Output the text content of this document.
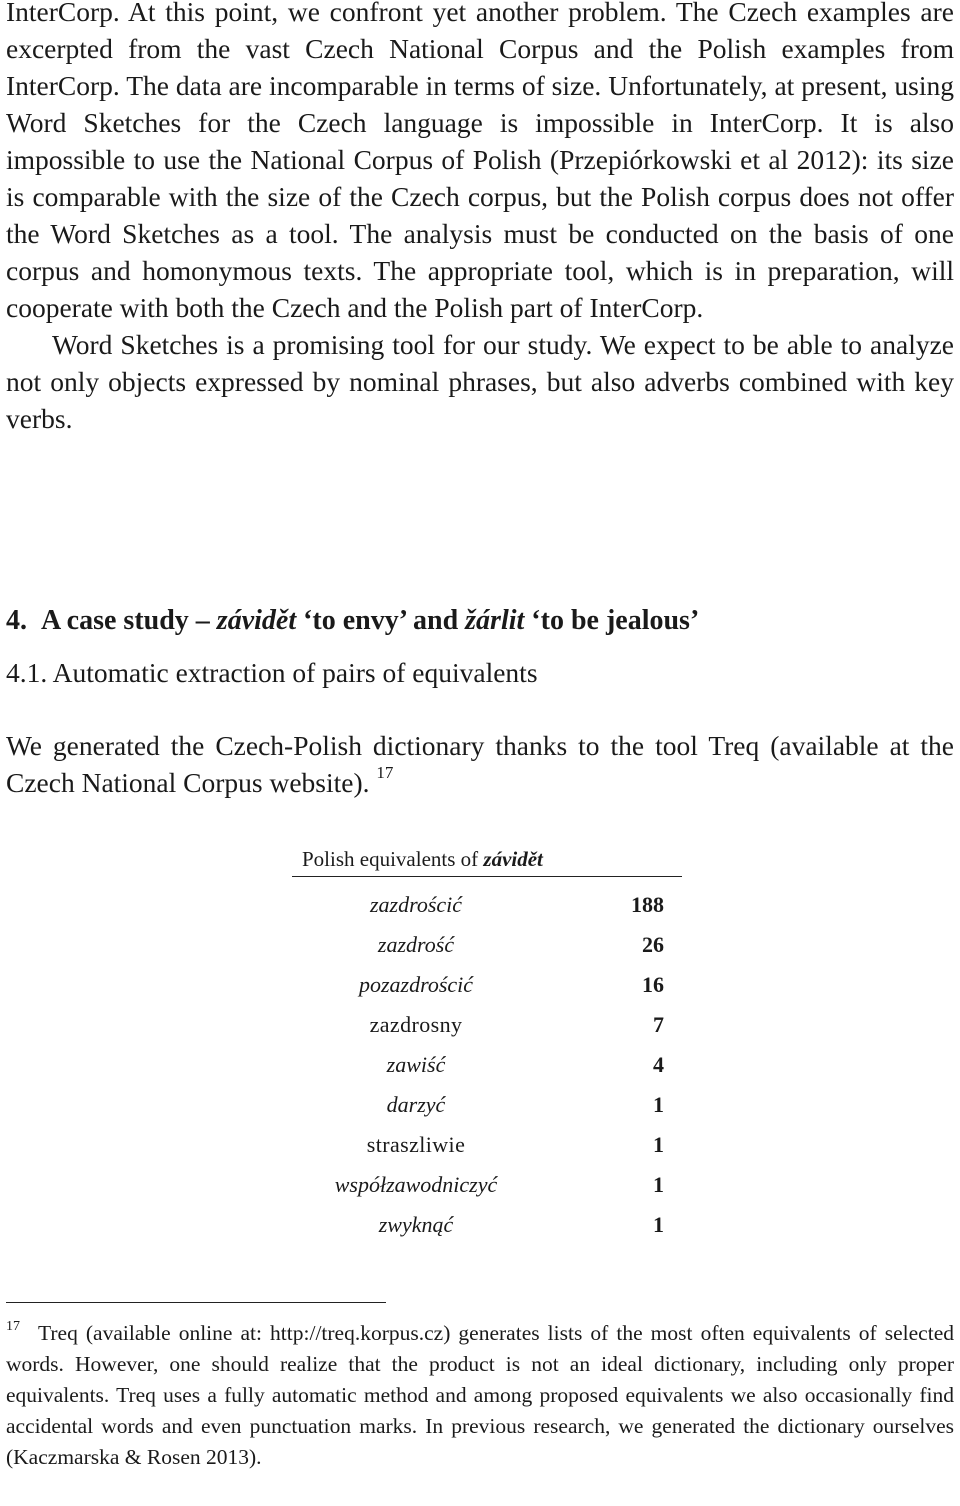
InterCorp. At this point, we confront yet another problem. The Czech examples are excerpted from the vast Czech National Corpus and the Polish examples from InterCorp. The data are incomparable in terms of size. Unfortunately, at present, using Word Sketches for the Czech language is impossible in InterCorp. It is also impossible to use the National Corpus of Polish (Przepiórkowski et al 2012): its size is comparable with the size of the Czech corpus, but the Polish corpus does not offer the Word Sketches as a tool. The analysis must be conducted on the basis of one corpus and homonymous texts. The appropriate tool, which is in preparation, will cooperate with both the Czech and the Polish part of InterCorp.

Word Sketches is a promising tool for our study. We expect to be able to analyze not only objects expressed by nominal phrases, but also adverbs combined with key verbs.

4. A case study – závidět ‘to envy’ and žárlit ‘to be jealous’
4.1. Automatic extraction of pairs of equivalents

We generated the Czech-Polish dictionary thanks to the tool Treq (available at the Czech National Corpus website). $^{17}$

Polish equivalents of závidět
zazdrościć	188
zazdrość	26
pozazdrościć	16
zazdrosny	7
zawiść	4
darzyć	1
straszliwie	1
współzawodniczyć	1
zwyknąć	1

$^{17}$ Treq (available online at: http://treq.korpus.cz) generates lists of the most often equivalents of selected words. However, one should realize that the product is not an ideal dictionary, including only proper equivalents. Treq uses a fully automatic method and among proposed equivalents we also occasionally find accidental words and even punctuation marks. In previous research, we generated the dictionary ourselves (Kaczmarska & Rosen 2013).
